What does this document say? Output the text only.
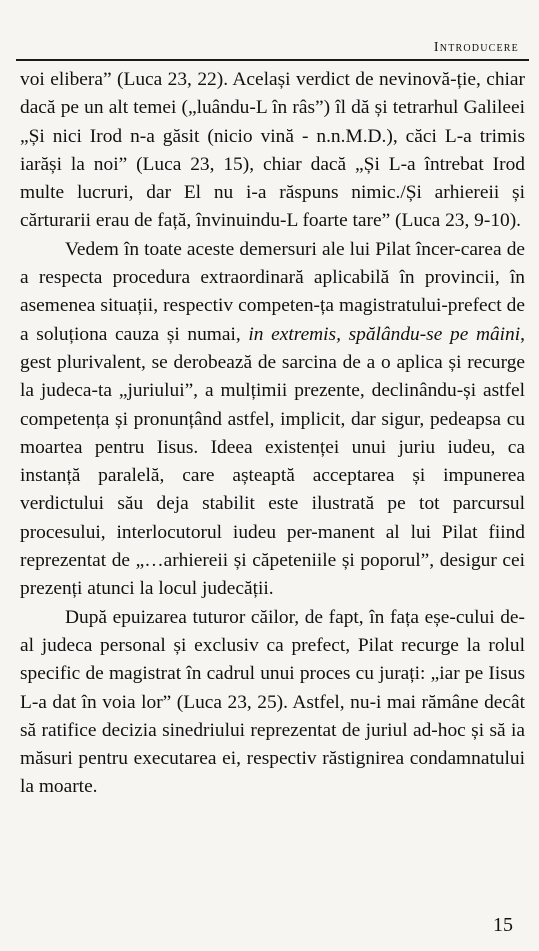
Introducere

voi elibera” (Luca 23, 22). Același verdict de nevinovă-ție, chiar dacă pe un alt temei („luându-L în râs”) îl dă și tetrarhul Galileei „Și nici Irod n-a găsit (nicio vină - n.n.M.D.), căci L-a trimis iarăși la noi” (Luca 23, 15), chiar dacă „Și L-a întrebat Irod multe lucruri, dar El nu i-a răspuns nimic./Și arhiereii și cărturarii erau de față, învinuindu-L foarte tare” (Luca 23, 9-10).

Vedem în toate aceste demersuri ale lui Pilat încer-carea de a respecta procedura extraordinară aplicabilă în provincii, în asemenea situații, respectiv competen-ța magistratului-prefect de a soluționa cauza și numai, in extremis, spălându-se pe mâini, gest plurivalent, se derobează de sarcina de a o aplica și recurge la judeca-ta „juriului”, a mulțimii prezente, declinându-și astfel competența și pronunțând astfel, implicit, dar sigur, pedeapsa cu moartea pentru Iisus. Ideea existenței unui juriu iudeu, ca instanță paralelă, care așteaptă acceptarea și impunerea verdictului său deja stabilit este ilustrată pe tot parcursul procesului, interlocutorul iudeu per-manent al lui Pilat fiind reprezentat de „…arhiereii și căpeteniile și poporul”, desigur cei prezenți atunci la locul judecății.

După epuizarea tuturor căilor, de fapt, în fața eșe-cului de-al judeca personal și exclusiv ca prefect, Pilat recurge la rolul specific de magistrat în cadrul unui proces cu jurați: „iar pe Iisus L-a dat în voia lor” (Luca 23, 25). Astfel, nu-i mai rămâne decât să ratifice decizia sinedriului reprezentat de juriul ad-hoc și să ia măsuri pentru executarea ei, respectiv răstignirea condamnatului la moarte.

15
